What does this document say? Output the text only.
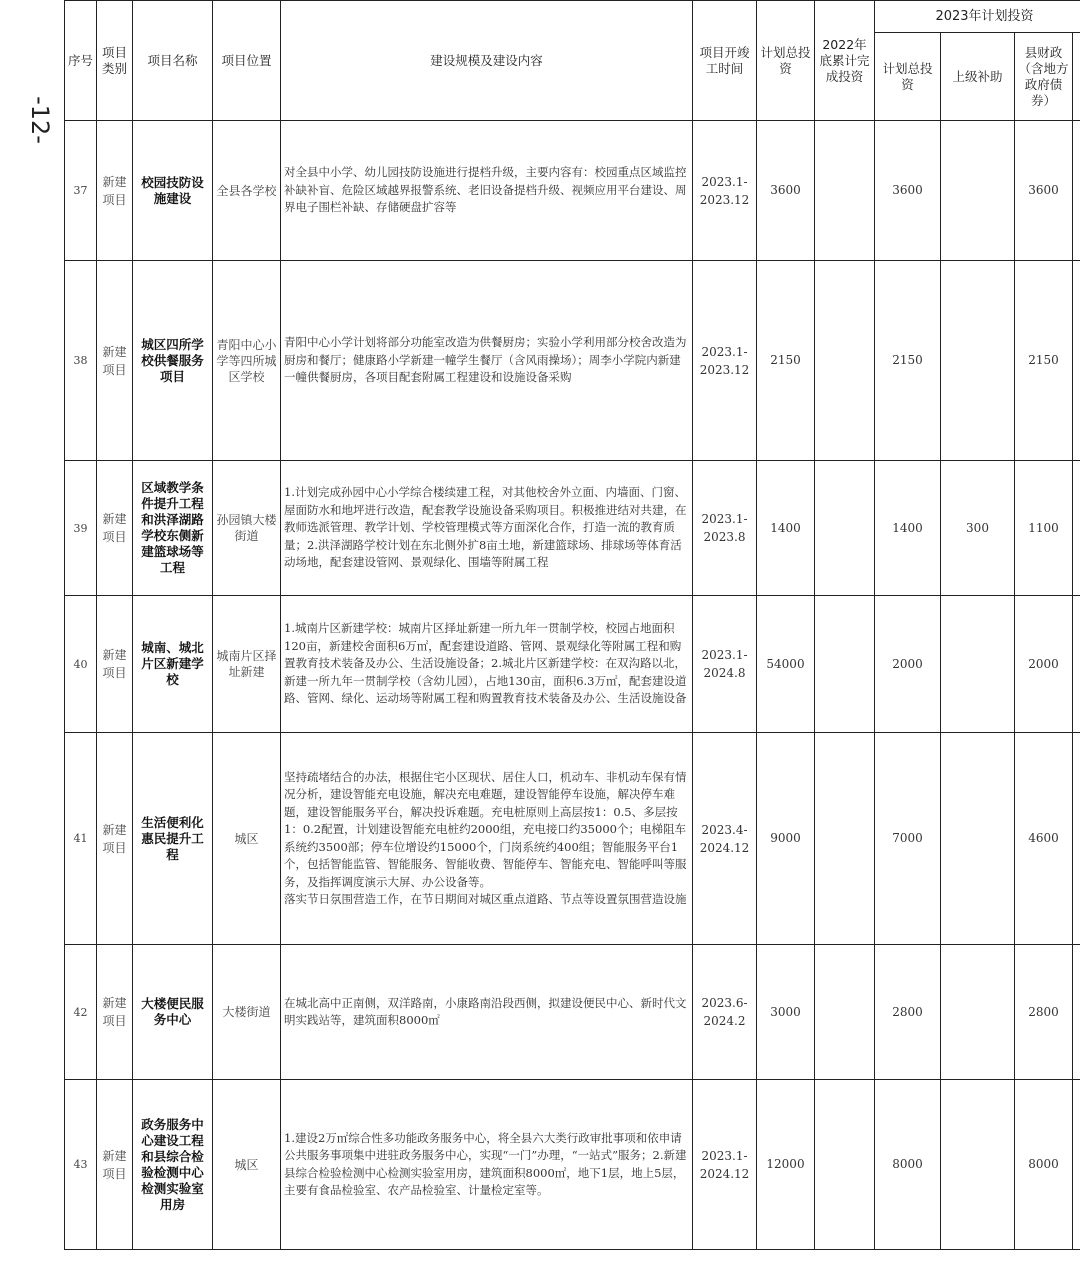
-12-
序号	项目类别	项目名称	项目位置	建设规模及建设内容	项目开竣工时间	计划总投资	2022年底累计完成投资	2023年计划投资			
								计划总投资	上级补助	县财政（含地方政府债券）	
37	新建项目	校园技防设施建设	全县各学校	对全县中小学、幼儿园技防设施进行提档升级，主要内容有：校园重点区域监控补缺补盲、危险区域越界报警系统、老旧设备提档升级、视频应用平台建设、周界电子围栏补缺、存储硬盘扩容等	2023.1-2023.12	3600		3600		3600	
38	新建项目	城区四所学校供餐服务项目	青阳中心小学等四所城区学校	青阳中心小学计划将部分功能室改造为供餐厨房；实验小学利用部分校舍改造为厨房和餐厅；健康路小学新建一幢学生餐厅（含风雨操场）；周李小学院内新建一幢供餐厨房，各项目配套附属工程建设和设施设备采购	2023.1-2023.12	2150		2150		2150	
39	新建项目	区域教学条件提升工程和洪泽湖路学校东侧新建篮球场等工程	孙园镇大楼街道	1.计划完成孙园中心小学综合楼续建工程，对其他校舍外立面、内墙面、门窗、屋面防水和地坪进行改造，配套教学设施设备采购项目。积极推进结对共建，在教师选派管理、教学计划、学校管理模式等方面深化合作，打造一流的教育质量；2.洪泽湖路学校计划在东北侧外扩8亩土地，新建篮球场、排球场等体育活动场地，配套建设管网、景观绿化、围墙等附属工程	2023.1-2023.8	1400		1400	300	1100	
40	新建项目	城南、城北片区新建学校	城南片区择址新建	1.城南片区新建学校：城南片区择址新建一所九年一贯制学校，校园占地面积120亩，新建校舍面积6万㎡，配套建设道路、管网、景观绿化等附属工程和购置教育技术装备及办公、生活设施设备；2.城北片区新建学校：在双沟路以北，新建一所九年一贯制学校（含幼儿园），占地130亩，面积6.3万㎡，配套建设道路、管网、绿化、运动场等附属工程和购置教育技术装备及办公、生活设施设备	2023.1-2024.8	54000		2000		2000	
41	新建项目	生活便利化惠民提升工程	城区	坚持疏堵结合的办法，根据住宅小区现状、居住人口，机动车、非机动车保有情况分析，建设智能充电设施，解决充电难题，建设智能停车设施，解决停车难题，建设智能服务平台，解决投诉难题。充电桩原则上高层按1：0.5、多层按1：0.2配置，计划建设智能充电桩约2000组，充电接口约35000个；电梯阻车系统约3500部；停车位增设约15000个，门岗系统约400组；智能服务平台1个，包括智能监管、智能服务、智能收费、智能停车、智能充电、智能呼叫等服务，及指挥调度演示大屏、办公设备等。
落实节日氛围营造工作，在节日期间对城区重点道路、节点等设置氛围营造设施	2023.4-2024.12	9000		7000		4600	
42	新建项目	大楼便民服务中心	大楼街道	在城北高中正南侧，双洋路南，小康路南沿段西侧，拟建设便民中心、新时代文明实践站等，建筑面积8000㎡	2023.6-2024.2	3000		2800		2800	
43	新建项目	政务服务中心建设工程和县综合检验检测中心检测实验室用房	城区	1.建设2万㎡综合性多功能政务服务中心，将全县六大类行政审批事项和依申请公共服务事项集中进驻政务服务中心，实现“一门”办理，“一站式”服务；2.新建县综合检验检测中心检测实验室用房，建筑面积8000㎡，地下1层，地上5层，主要有食品检验室、农产品检验室、计量检定室等。	2023.1-2024.12	12000		8000		8000	
